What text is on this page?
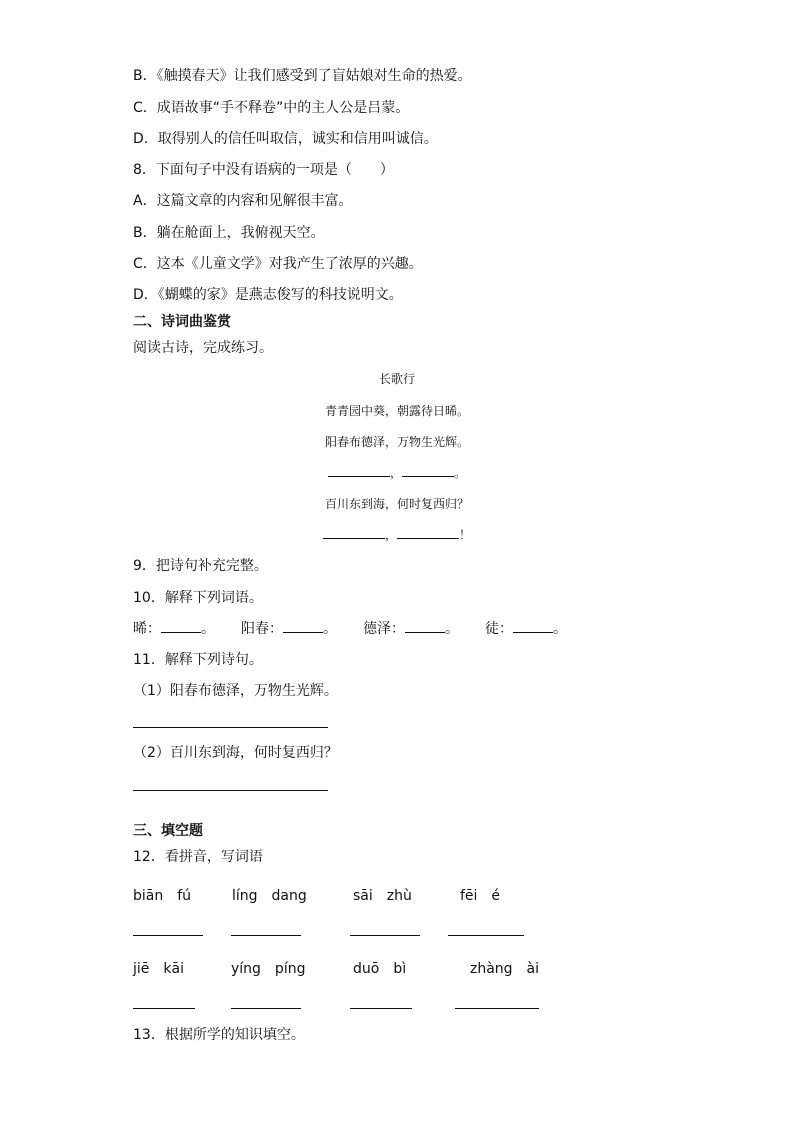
B．《触摸春天》让我们感受到了盲姑娘对生命的热爱。
C．成语故事“手不释卷”中的主人公是吕蒙。
D．取得别人的信任叫取信，诚实和信用叫诚信。
8．下面句子中没有语病的一项是（　　）
A．这篇文章的内容和见解很丰富。
B．躺在舱面上，我俯视天空。
C．这本《儿童文学》对我产生了浓厚的兴趣。
D．《蝴蝶的家》是燕志俊写的科技说明文。
二、诗词曲鉴赏
阅读古诗，完成练习。
长歌行
青青园中葵，朝露待日晞。
阳春布德泽，万物生光辉。
，	。
百川东到海，何时复西归？
，	！
9．把诗句补充完整。
10．解释下列词语。
晞：	。 阳春：	。 德泽：	。 徒：	。
11．解释下列诗句。
（1）阳春布德泽，万物生光辉。
（2）百川东到海，何时复西归？
三、填空题
12．看拼音，写词语
biān　fú	líng　dang	sāi　zhù	fēi　é
jiē　kāi	yíng　píng	duō　bì	zhàng　ài
13．根据所学的知识填空。
